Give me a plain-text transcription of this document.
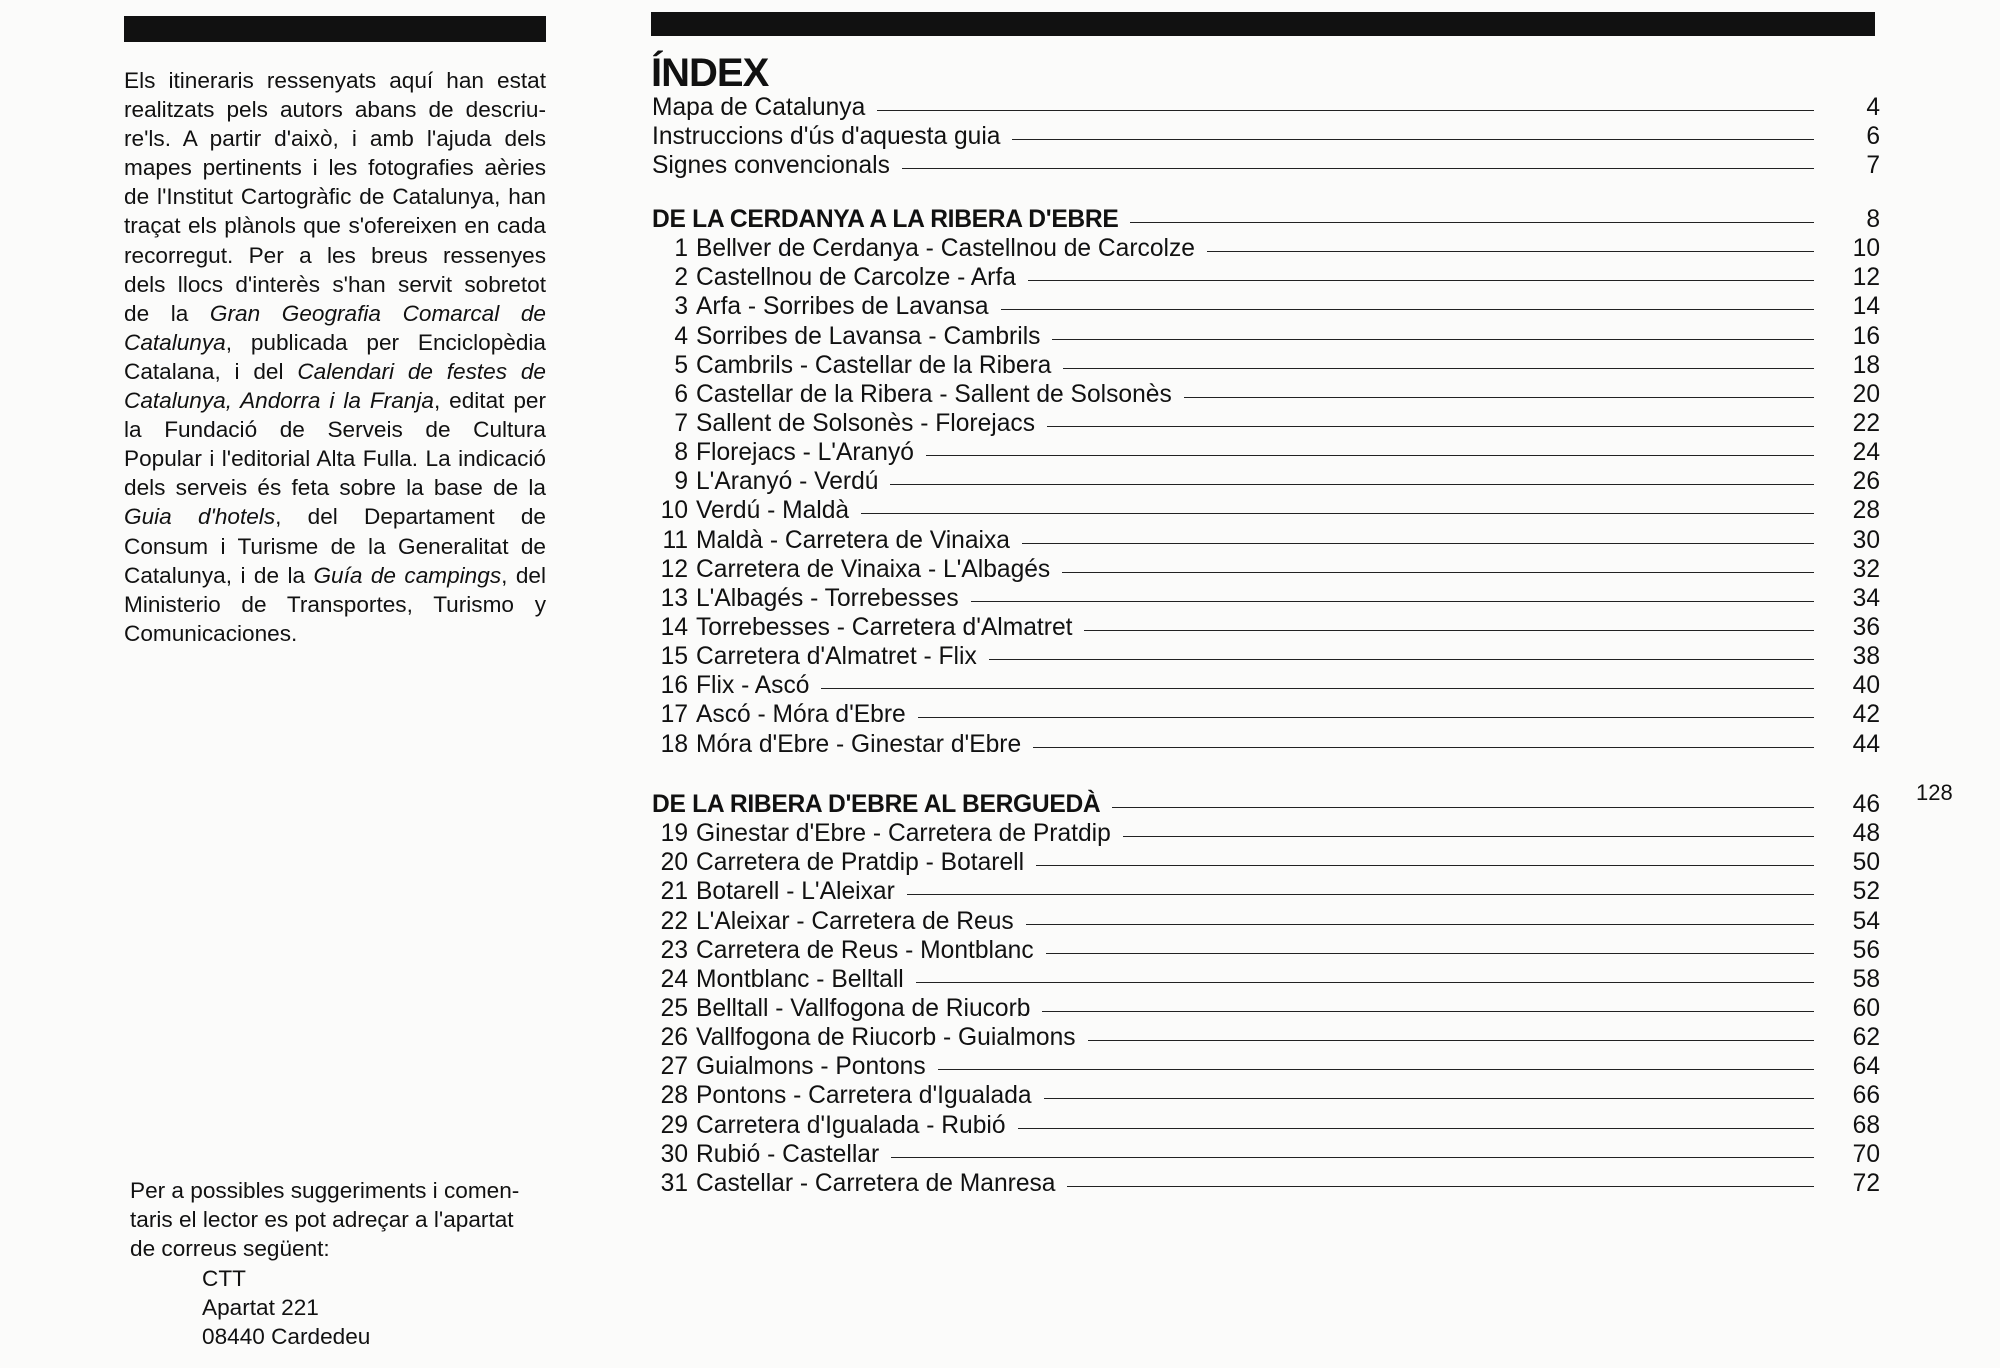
Els itineraris ressenyats aquí han estat realitzats pels autors abans de descriure'ls. A partir d'això, i amb l'ajuda dels mapes pertinents i les fotografies aèries de l'Institut Cartogràfic de Catalunya, han traçat els plànols que s'ofereixen en cada recorregut. Per a les breus ressenyes dels llocs d'interès s'han servit sobretot de la Gran Geografia Comarcal de Catalunya, publicada per Enciclopèdia Catalana, i del Calendari de festes de Catalunya, Andorra i la Franja, editat per la Fundació de Serveis de Cultura Popular i l'editorial Alta Fulla. La indicació dels serveis és feta sobre la base de la Guia d'hotels, del Departament de Consum i Turisme de la Generalitat de Catalunya, i de la Guía de campings, del Ministerio de Transportes, Turismo y Comunicaciones.
Per a possibles suggeriments i comen-
taris el lector es pot adreçar a l'apartat
de correus següent:
CTT
Apartat 221
08440 Cardedeu
ÍNDEX
Mapa de Catalunya	4
Instruccions d'ús d'aquesta guia	6
Signes convencionals	7
DE LA CERDANYA A LA RIBERA D'EBRE	8
1 Bellver de Cerdanya - Castellnou de Carcolze	10
2 Castellnou de Carcolze - Arfa	12
3 Arfa - Sorribes de Lavansa	14
4 Sorribes de Lavansa - Cambrils	16
5 Cambrils - Castellar de la Ribera	18
6 Castellar de la Ribera - Sallent de Solsonès	20
7 Sallent de Solsonès - Florejacs	22
8 Florejacs - L'Aranyó	24
9 L'Aranyó - Verdú	26
10 Verdú - Maldà	28
11 Maldà - Carretera de Vinaixa	30
12 Carretera de Vinaixa - L'Albagés	32
13 L'Albagés - Torrebesses	34
14 Torrebesses - Carretera d'Almatret	36
15 Carretera d'Almatret - Flix	38
16 Flix - Ascó	40
17 Ascó - Móra d'Ebre	42
18 Móra d'Ebre - Ginestar d'Ebre	44
DE LA RIBERA D'EBRE AL BERGUEDÀ	46
19 Ginestar d'Ebre - Carretera de Pratdip	48
20 Carretera de Pratdip - Botarell	50
21 Botarell - L'Aleixar	52
22 L'Aleixar - Carretera de Reus	54
23 Carretera de Reus - Montblanc	56
24 Montblanc - Belltall	58
25 Belltall - Vallfogona de Riucorb	60
26 Vallfogona de Riucorb - Guialmons	62
27 Guialmons - Pontons	64
28 Pontons - Carretera d'Igualada	66
29 Carretera d'Igualada - Rubió	68
30 Rubió - Castellar	70
31 Castellar - Carretera de Manresa	72
128
